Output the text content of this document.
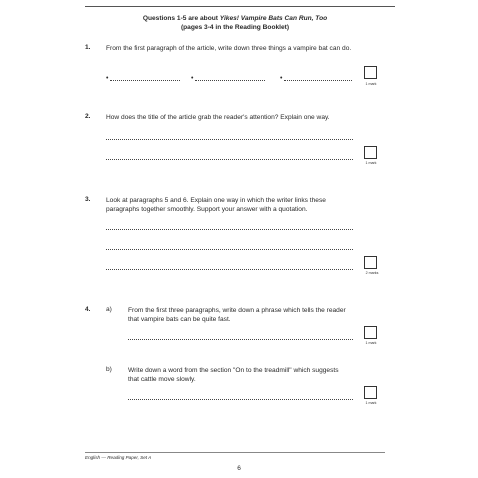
Questions 1-5 are about Yikes! Vampire Bats Can Run, Too
(pages 3-4 in the Reading Booklet)
1. From the first paragraph of the article, write down three things a vampire bat can do.
•	•	•
1 mark
2. How does the title of the article grab the reader's attention? Explain one way.
1 mark
3. Look at paragraphs 5 and 6. Explain one way in which the writer links these paragraphs together smoothly. Support your answer with a quotation.
2 marks
4. a) From the first three paragraphs, write down a phrase which tells the reader that vampire bats can be quite fast.
1 mark
b) Write down a word from the section "On to the treadmill" which suggests that cattle move slowly.
1 mark
English — Reading Paper, Set A
6
